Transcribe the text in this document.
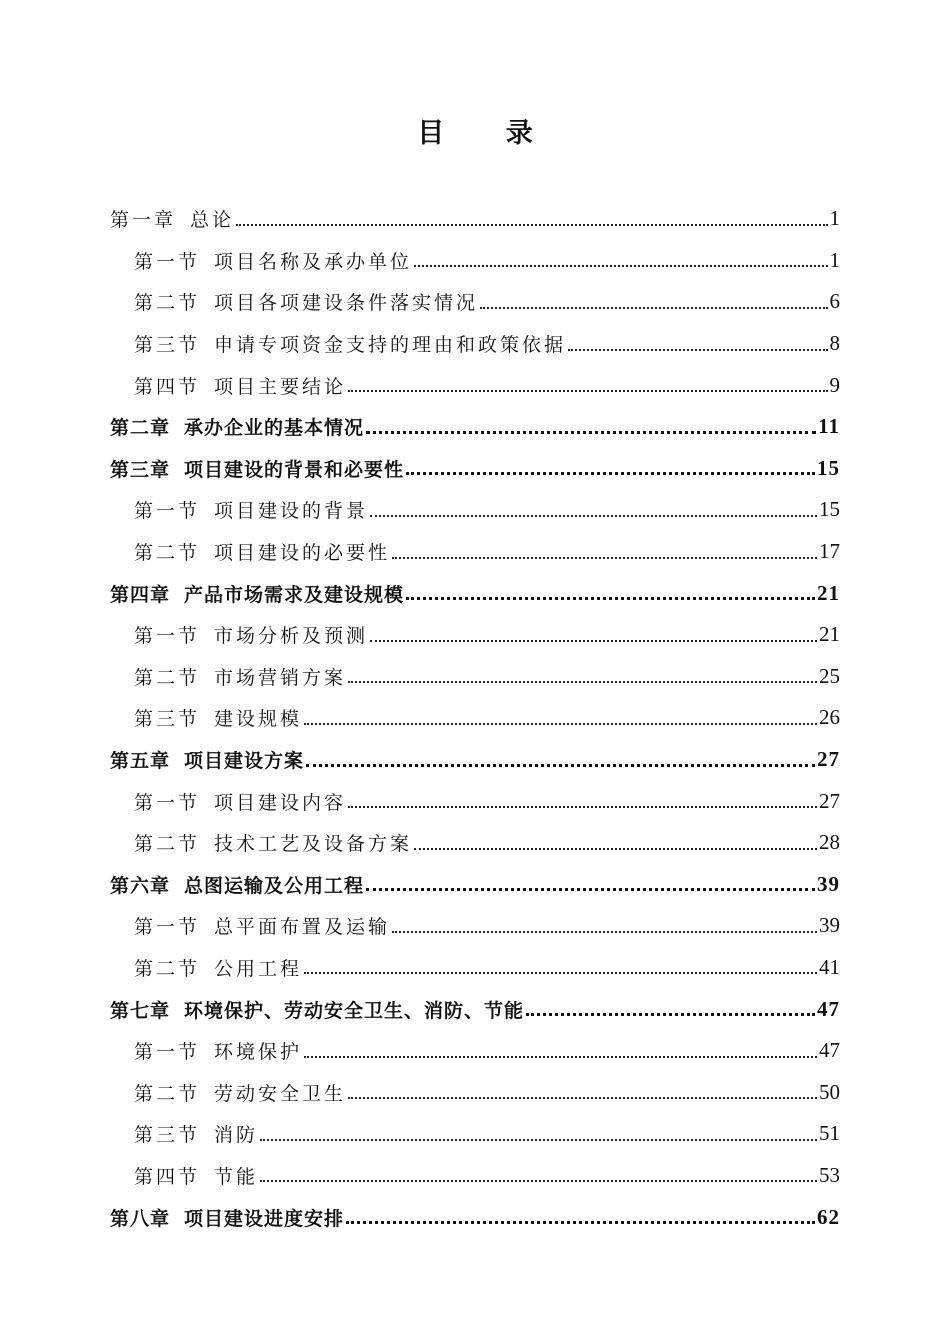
目 录
第一章 总论	1
第一节 项目名称及承办单位	1
第二节 项目各项建设条件落实情况	6
第三节 申请专项资金支持的理由和政策依据	8
第四节 项目主要结论	9
第二章 承办企业的基本情况	11
第三章 项目建设的背景和必要性	15
第一节 项目建设的背景	15
第二节 项目建设的必要性	17
第四章 产品市场需求及建设规模	21
第一节 市场分析及预测	21
第二节 市场营销方案	25
第三节 建设规模	26
第五章 项目建设方案	27
第一节 项目建设内容	27
第二节 技术工艺及设备方案	28
第六章 总图运输及公用工程	39
第一节 总平面布置及运输	39
第二节 公用工程	41
第七章 环境保护、劳动安全卫生、消防、节能	47
第一节 环境保护	47
第二节 劳动安全卫生	50
第三节 消防	51
第四节 节能	53
第八章 项目建设进度安排	62
